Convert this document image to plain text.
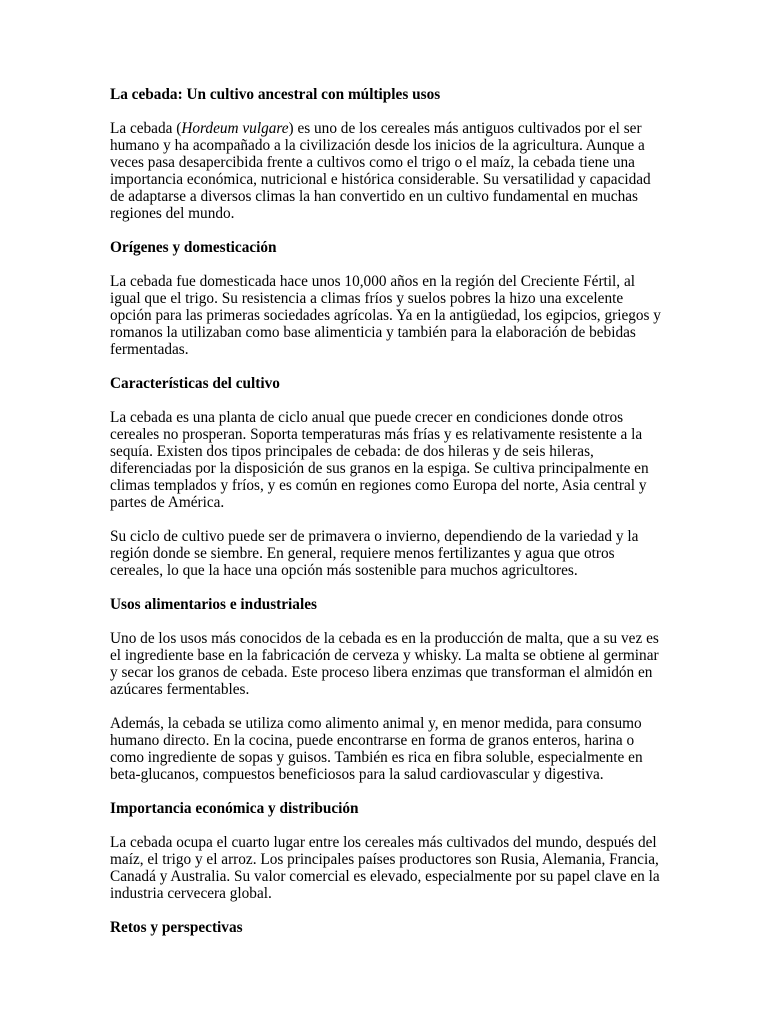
La cebada: Un cultivo ancestral con múltiples usos

La cebada (Hordeum vulgare) es uno de los cereales más antiguos cultivados por el ser humano y ha acompañado a la civilización desde los inicios de la agricultura. Aunque a veces pasa desapercibida frente a cultivos como el trigo o el maíz, la cebada tiene una importancia económica, nutricional e histórica considerable. Su versatilidad y capacidad de adaptarse a diversos climas la han convertido en un cultivo fundamental en muchas regiones del mundo.

Orígenes y domesticación

La cebada fue domesticada hace unos 10,000 años en la región del Creciente Fértil, al igual que el trigo. Su resistencia a climas fríos y suelos pobres la hizo una excelente opción para las primeras sociedades agrícolas. Ya en la antigüedad, los egipcios, griegos y romanos la utilizaban como base alimenticia y también para la elaboración de bebidas fermentadas.

Características del cultivo

La cebada es una planta de ciclo anual que puede crecer en condiciones donde otros cereales no prosperan. Soporta temperaturas más frías y es relativamente resistente a la sequía. Existen dos tipos principales de cebada: de dos hileras y de seis hileras, diferenciadas por la disposición de sus granos en la espiga. Se cultiva principalmente en climas templados y fríos, y es común en regiones como Europa del norte, Asia central y partes de América.

Su ciclo de cultivo puede ser de primavera o invierno, dependiendo de la variedad y la región donde se siembre. En general, requiere menos fertilizantes y agua que otros cereales, lo que la hace una opción más sostenible para muchos agricultores.

Usos alimentarios e industriales

Uno de los usos más conocidos de la cebada es en la producción de malta, que a su vez es el ingrediente base en la fabricación de cerveza y whisky. La malta se obtiene al germinar y secar los granos de cebada. Este proceso libera enzimas que transforman el almidón en azúcares fermentables.

Además, la cebada se utiliza como alimento animal y, en menor medida, para consumo humano directo. En la cocina, puede encontrarse en forma de granos enteros, harina o como ingrediente de sopas y guisos. También es rica en fibra soluble, especialmente en beta-glucanos, compuestos beneficiosos para la salud cardiovascular y digestiva.

Importancia económica y distribución

La cebada ocupa el cuarto lugar entre los cereales más cultivados del mundo, después del maíz, el trigo y el arroz. Los principales países productores son Rusia, Alemania, Francia, Canadá y Australia. Su valor comercial es elevado, especialmente por su papel clave en la industria cervecera global.

Retos y perspectivas
